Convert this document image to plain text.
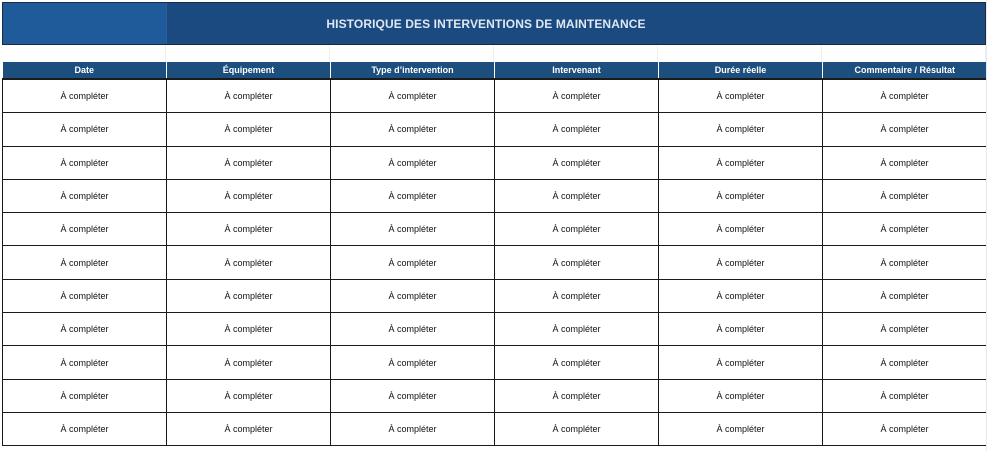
HISTORIQUE DES INTERVENTIONS DE MAINTENANCE
Date	Équipement	Type d’intervention	Intervenant	Durée réelle	Commentaire / Résultat
À compléter	À compléter	À compléter	À compléter	À compléter	À compléter
À compléter	À compléter	À compléter	À compléter	À compléter	À compléter
À compléter	À compléter	À compléter	À compléter	À compléter	À compléter
À compléter	À compléter	À compléter	À compléter	À compléter	À compléter
À compléter	À compléter	À compléter	À compléter	À compléter	À compléter
À compléter	À compléter	À compléter	À compléter	À compléter	À compléter
À compléter	À compléter	À compléter	À compléter	À compléter	À compléter
À compléter	À compléter	À compléter	À compléter	À compléter	À compléter
À compléter	À compléter	À compléter	À compléter	À compléter	À compléter
À compléter	À compléter	À compléter	À compléter	À compléter	À compléter
À compléter	À compléter	À compléter	À compléter	À compléter	À compléter
